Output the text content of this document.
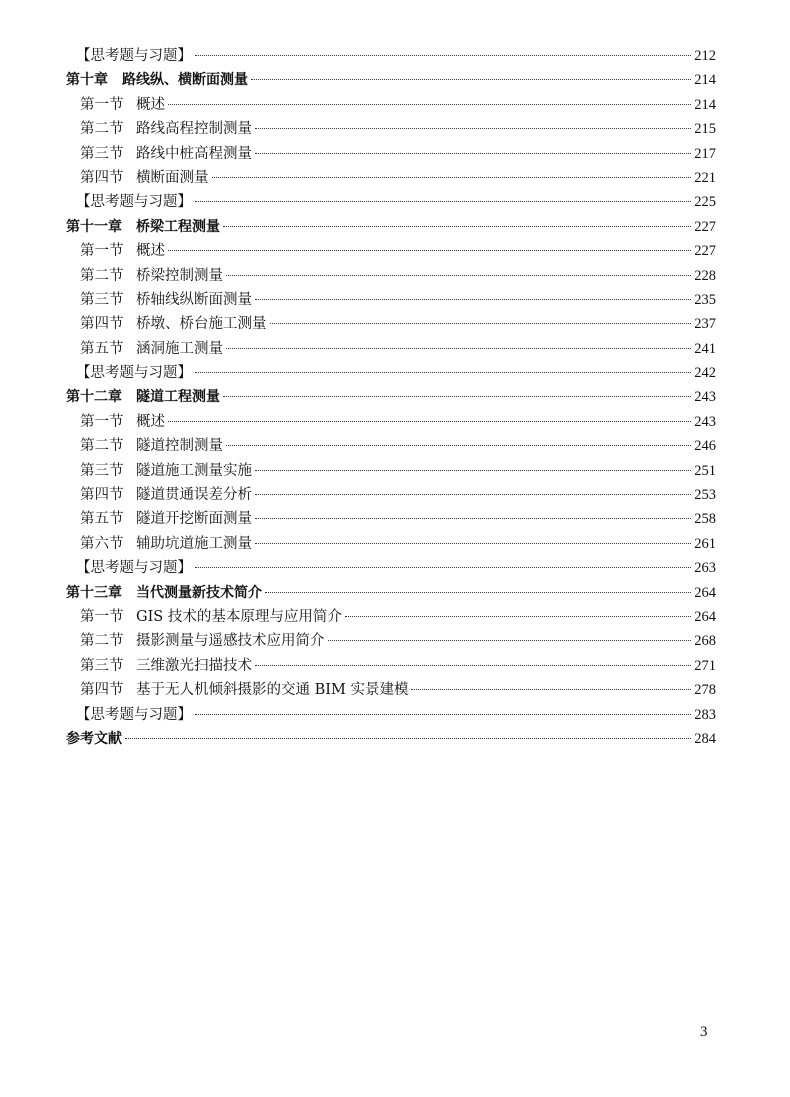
【思考题与习题】	212
第十章 路线纵、横断面测量	214
第一节 概述	214
第二节 路线高程控制测量	215
第三节 路线中桩高程测量	217
第四节 横断面测量	221
【思考题与习题】	225
第十一章 桥梁工程测量	227
第一节 概述	227
第二节 桥梁控制测量	228
第三节 桥轴线纵断面测量	235
第四节 桥墩、桥台施工测量	237
第五节 涵洞施工测量	241
【思考题与习题】	242
第十二章 隧道工程测量	243
第一节 概述	243
第二节 隧道控制测量	246
第三节 隧道施工测量实施	251
第四节 隧道贯通误差分析	253
第五节 隧道开挖断面测量	258
第六节 辅助坑道施工测量	261
【思考题与习题】	263
第十三章 当代测量新技术简介	264
第一节 GIS 技术的基本原理与应用简介	264
第二节 摄影测量与遥感技术应用简介	268
第三节 三维激光扫描技术	271
第四节 基于无人机倾斜摄影的交通 BIM 实景建模	278
【思考题与习题】	283
参考文献	284
3
